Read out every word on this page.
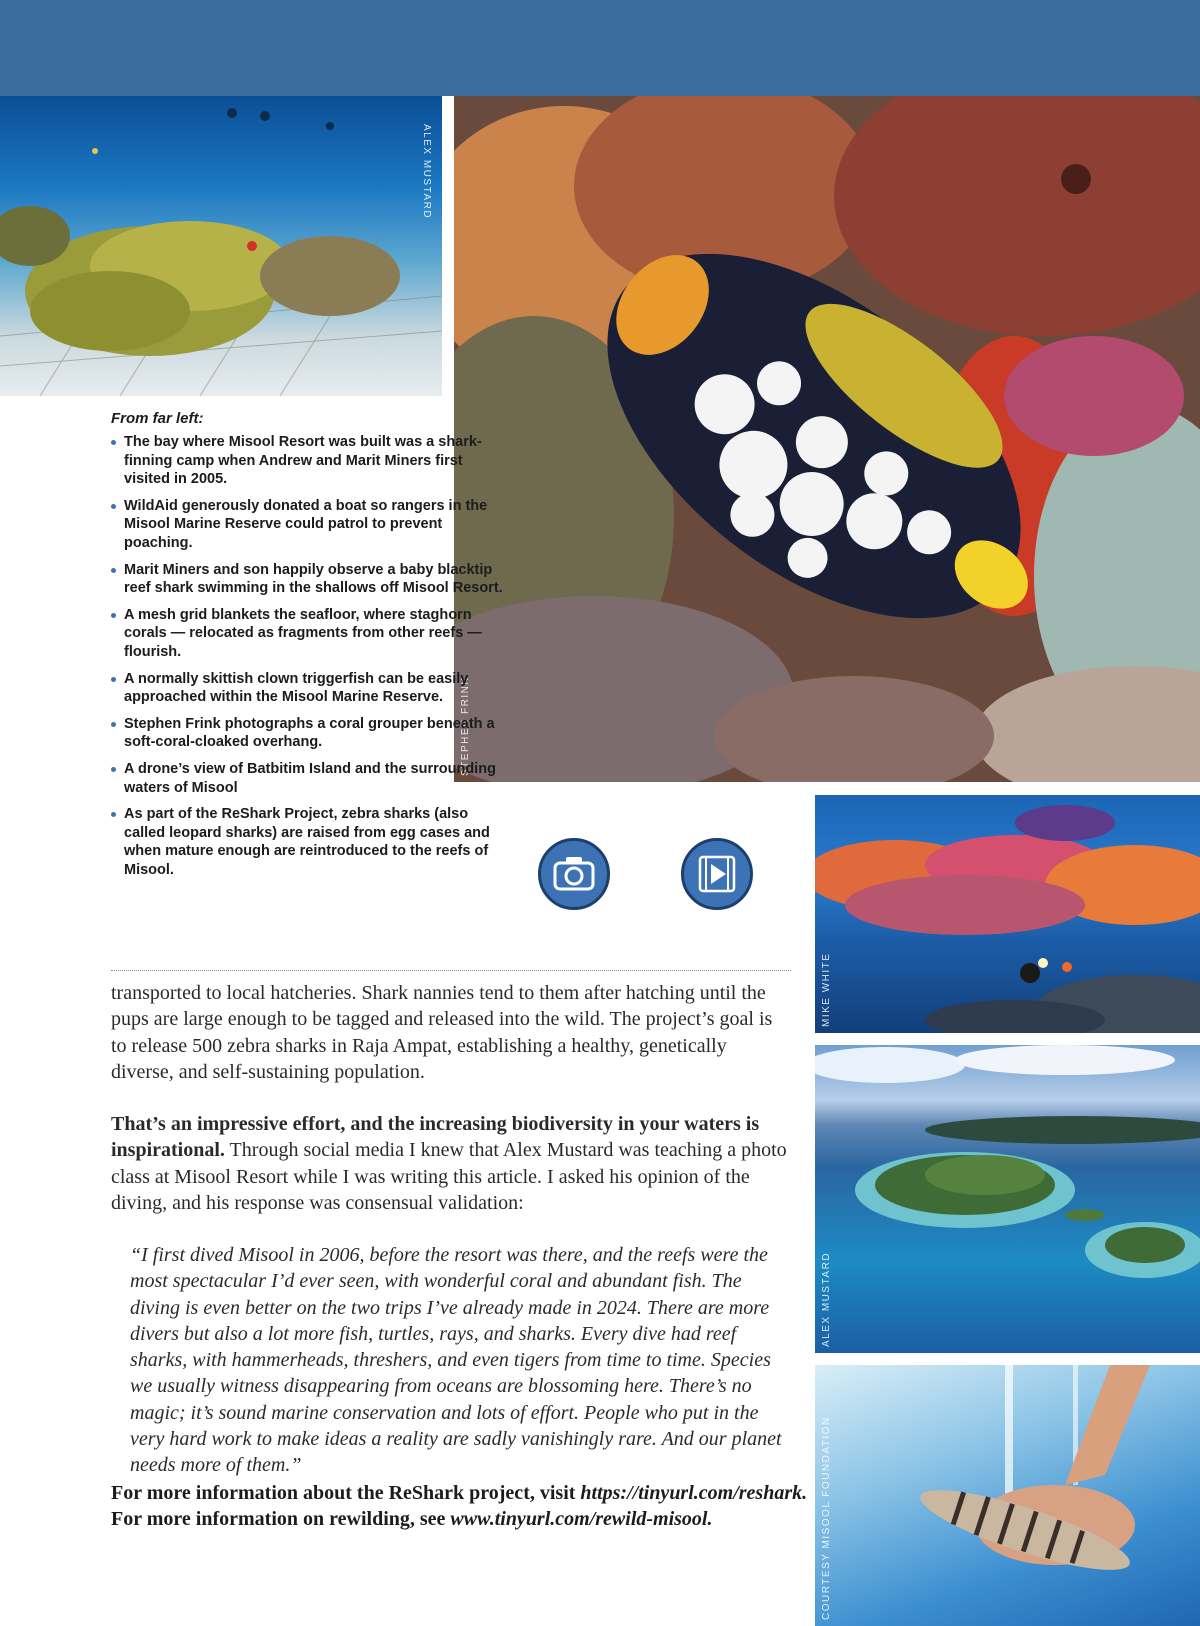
ALEX MUSTARD
STEPHEN FRINK

From far left:

The bay where Misool Resort was built was a shark-finning camp when Andrew and Marit Miners first visited in 2005.
WildAid generously donated a boat so rangers in the Misool Marine Reserve could patrol to prevent poaching.
Marit Miners and son happily observe a baby blacktip reef shark swimming in the shallows off Misool Resort.
A mesh grid blankets the seafloor, where staghorn corals — relocated as fragments from other reefs — flourish.
A normally skittish clown triggerfish can be easily approached within the Misool Marine Reserve.
Stephen Frink photographs a coral grouper beneath a soft-coral-cloaked overhang.
A drone’s view of Batbitim Island and the surrounding waters of Misool
As part of the ReShark Project, zebra sharks (also called leopard sharks) are raised from egg cases and when mature enough are reintroduced to the reefs of Misool.
MIKE WHITE
ALEX MUSTARD
COURTESY MISOOL FOUNDATION

transported to local hatcheries. Shark nannies tend to them after hatching until the pups are large enough to be tagged and released into the wild. The project’s goal is to release 500 zebra sharks in Raja Ampat, establishing a healthy, genetically diverse, and self-sustaining population.

That’s an impressive effort, and the increasing biodiversity in your waters is inspirational. Through social media I knew that Alex Mustard was teaching a photo class at Misool Resort while I was writing this article. I asked his opinion of the diving, and his response was consensual validation:

“I first dived Misool in 2006, before the resort was there, and the reefs were the most spectacular I’d ever seen, with wonderful coral and abundant fish. The diving is even better on the two trips I’ve already made in 2024. There are more divers but also a lot more fish, turtles, rays, and sharks. Every dive had reef sharks, with hammerheads, threshers, and even tigers from time to time. Species we usually witness disappearing from oceans are blossoming here. There’s no magic; it’s sound marine conservation and lots of effort. People who put in the very hard work to make ideas a reality are sadly vanishingly rare. And our planet needs more of them.”
For more information about the ReShark project, visit https://tinyurl.com/reshark.
For more information on rewilding, see www.tinyurl.com/rewild-misool.
